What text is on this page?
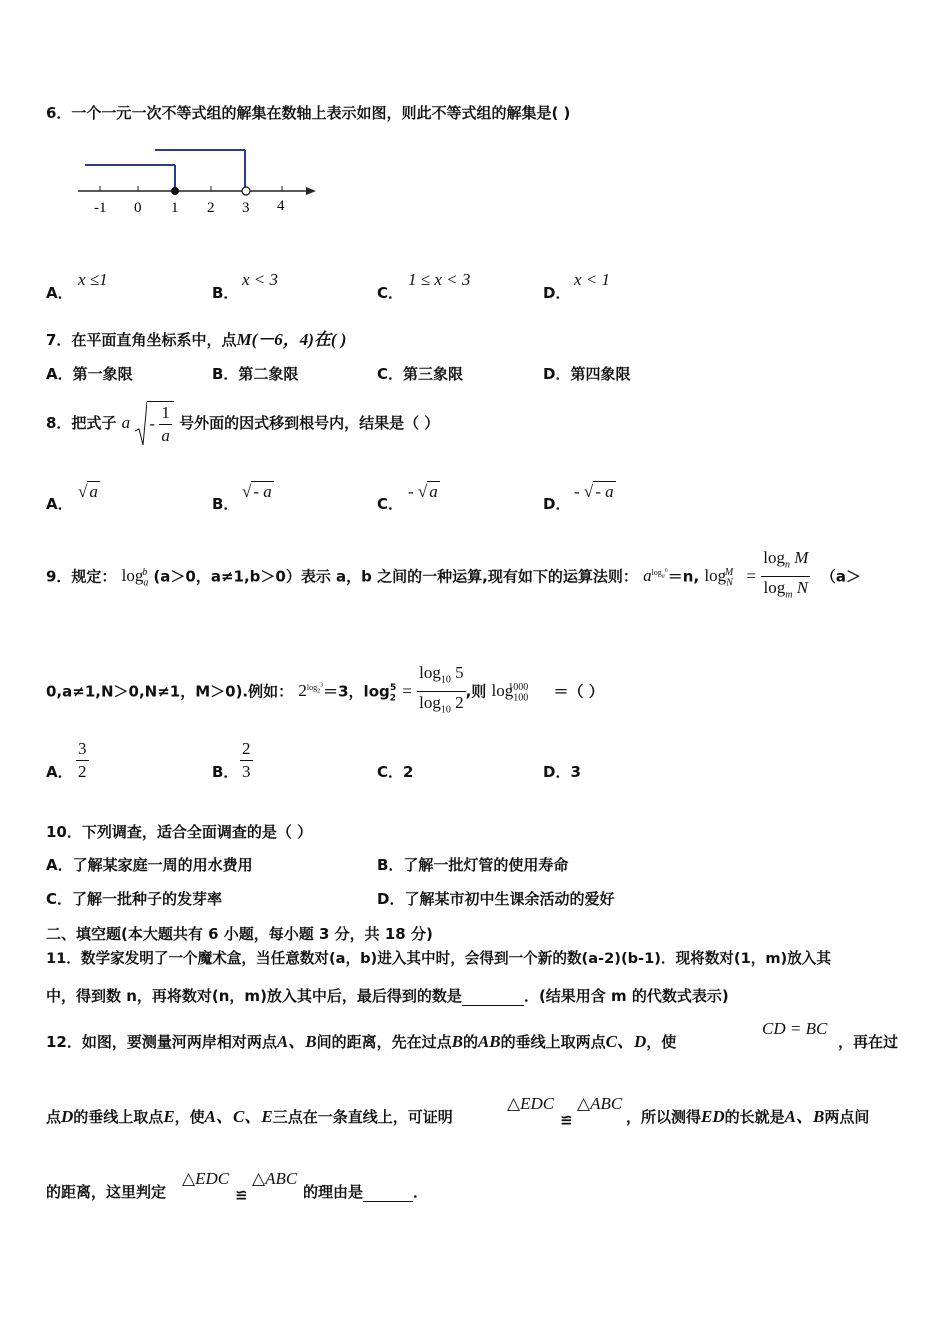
6．一个一元一次不等式组的解集在数轴上表示如图，则此不等式组的解集是( )
-1 0 1 2 3 4
A．
x ≤1
B．
x < 3
C．
1 ≤ x < 3
D．
x < 1
7．在平面直角坐标系中，点M(－6，4)在( )
A．第一象限	B．第二象限	C．第三象限	D．第四象限
8．把式子 a -
$\frac{1}{a}$ 号外面的因式移到根号内，结果是（ ）
A．
√ a
B．
√ - a
C．
- √ a
D．
- √ - a
9．规定： $\log_a^b (a>0$，a≠1,b＞0）表示 a，b 之间的一种运算,现有如下的运算法则： $a^{log_a^n}=n$, $\log_N^M = \frac{\log_n M}{\log_m N} (a>$
0,a≠1,N＞0,N≠1，M＞0).例如： $2^{log_2^3}=3$，$\log_2^5 = \frac{\log_{10} 5}{\log_{10} 2}$ ,则 $\log_{100}^{1000}$ ＝（ ）
A． $\frac{3}{2}$	B． $\frac{2}{3}$	C．2	D．3
10．下列调查，适合全面调查的是（ ）
A．了解某家庭一周的用水费用	B．了解一批灯管的使用寿命
C．了解一批种子的发芽率	D．了解某市初中生课余活动的爱好
二、填空题(本大题共有 6 小题，每小题 3 分，共 18 分)
11．数学家发明了一个魔术盒，当任意数对(a，b)进入其中时，会得到一个新的数(a-2)(b-1)．现将数对(1，m)放入其
中，得到数 n，再将数对(n，m)放入其中后，最后得到的数是	．(结果用含 m 的代数式表示)
12．如图，要测量河两岸相对两点A、B间的距离，先在过点B的AB的垂线上取两点C、D，使
CD = BC
，再在过
点D的垂线上取点E，使A、C、E三点在一条直线上，可证明
△EDC
≌
△ABC
，所以测得ED的长就是A、B两点间
的距离，这里判定
△EDC
≌
△ABC
的理由是	．
